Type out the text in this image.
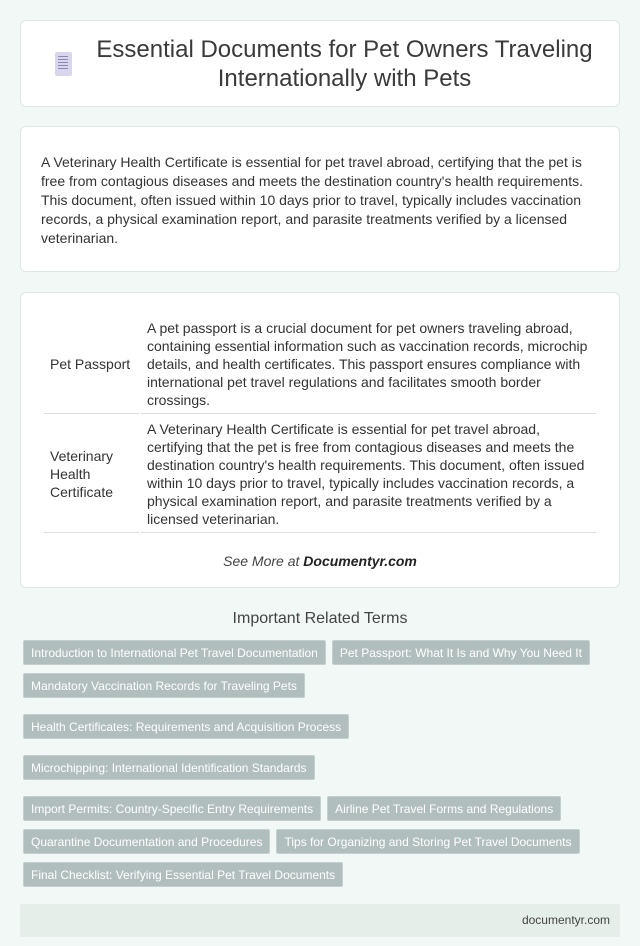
Essential Documents for Pet Owners Traveling Internationally with Pets

A Veterinary Health Certificate is essential for pet travel abroad, certifying that the pet is free from contagious diseases and meets the destination country's health requirements. This document, often issued within 10 days prior to travel, typically includes vaccination records, a physical examination report, and parasite treatments verified by a licensed veterinarian.

Pet Passport	A pet passport is a crucial document for pet owners traveling abroad, containing essential information such as vaccination records, microchip details, and health certificates. This passport ensures compliance with international pet travel regulations and facilitates smooth border crossings.
Veterinary Health Certificate	A Veterinary Health Certificate is essential for pet travel abroad, certifying that the pet is free from contagious diseases and meets the destination country's health requirements. This document, often issued within 10 days prior to travel, typically includes vaccination records, a physical examination report, and parasite treatments verified by a licensed veterinarian.
See More at Documentyr.com
Important Related Terms
Introduction to International Pet Travel Documentation	Pet Passport: What It Is and Why You Need It
Mandatory Vaccination Records for Traveling Pets
Health Certificates: Requirements and Acquisition Process
Microchipping: International Identification Standards
Import Permits: Country-Specific Entry Requirements	Airline Pet Travel Forms and Regulations
Quarantine Documentation and Procedures	Tips for Organizing and Storing Pet Travel Documents
Final Checklist: Verifying Essential Pet Travel Documents
documentyr.com
